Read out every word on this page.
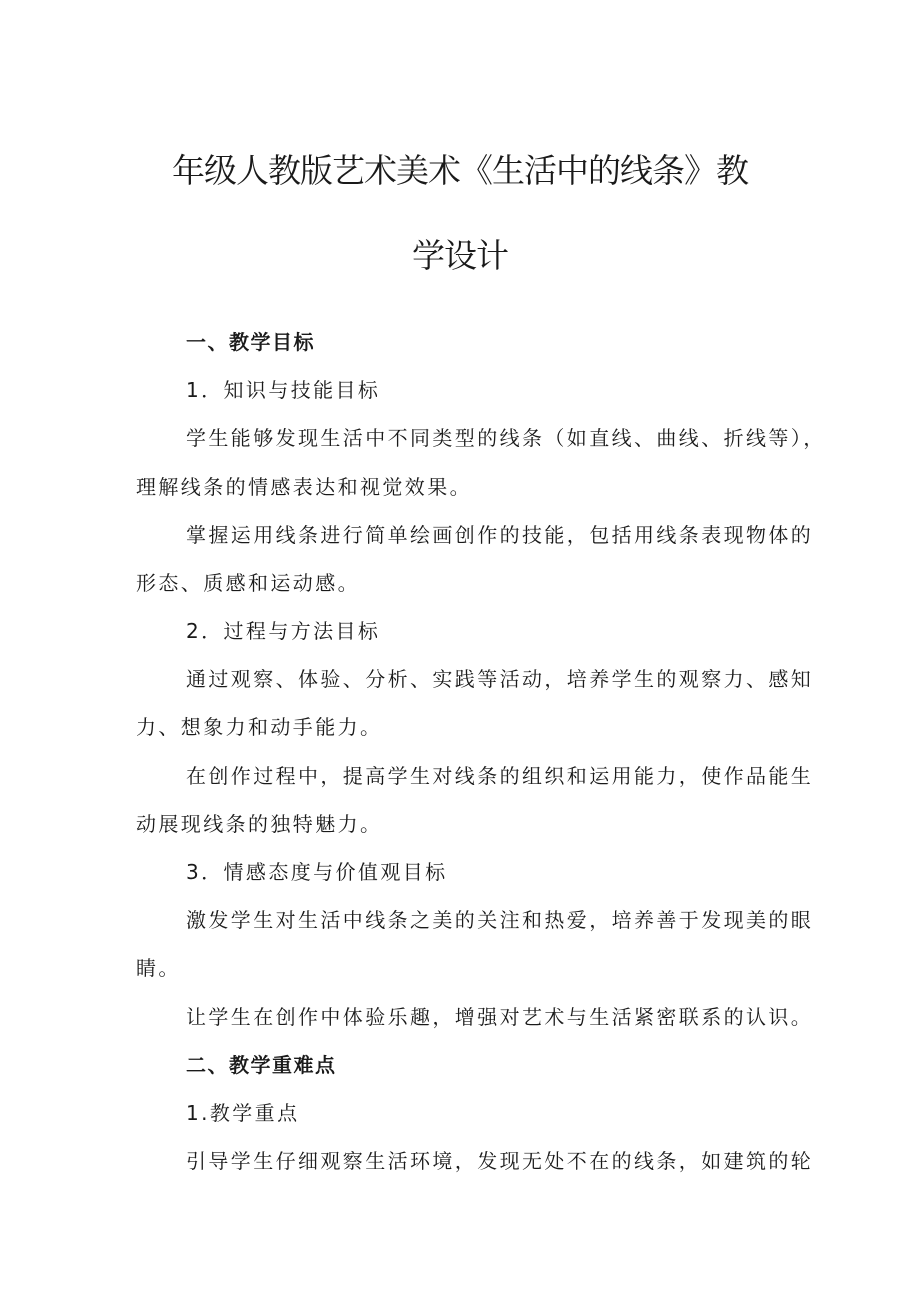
年级人教版艺术美术《生活中的线条》教
学设计
一、教学目标
1．知识与技能目标
学生能够发现生活中不同类型的线条（如直线、曲线、折线等），
理解线条的情感表达和视觉效果。
掌握运用线条进行简单绘画创作的技能，包括用线条表现物体的
形态、质感和运动感。
2．过程与方法目标
通过观察、体验、分析、实践等活动，培养学生的观察力、感知
力、想象力和动手能力。
在创作过程中，提高学生对线条的组织和运用能力，使作品能生
动展现线条的独特魅力。
3．情感态度与价值观目标
激发学生对生活中线条之美的关注和热爱，培养善于发现美的眼
睛。
让学生在创作中体验乐趣，增强对艺术与生活紧密联系的认识。
二、教学重难点
1.教学重点
引导学生仔细观察生活环境，发现无处不在的线条，如建筑的轮
